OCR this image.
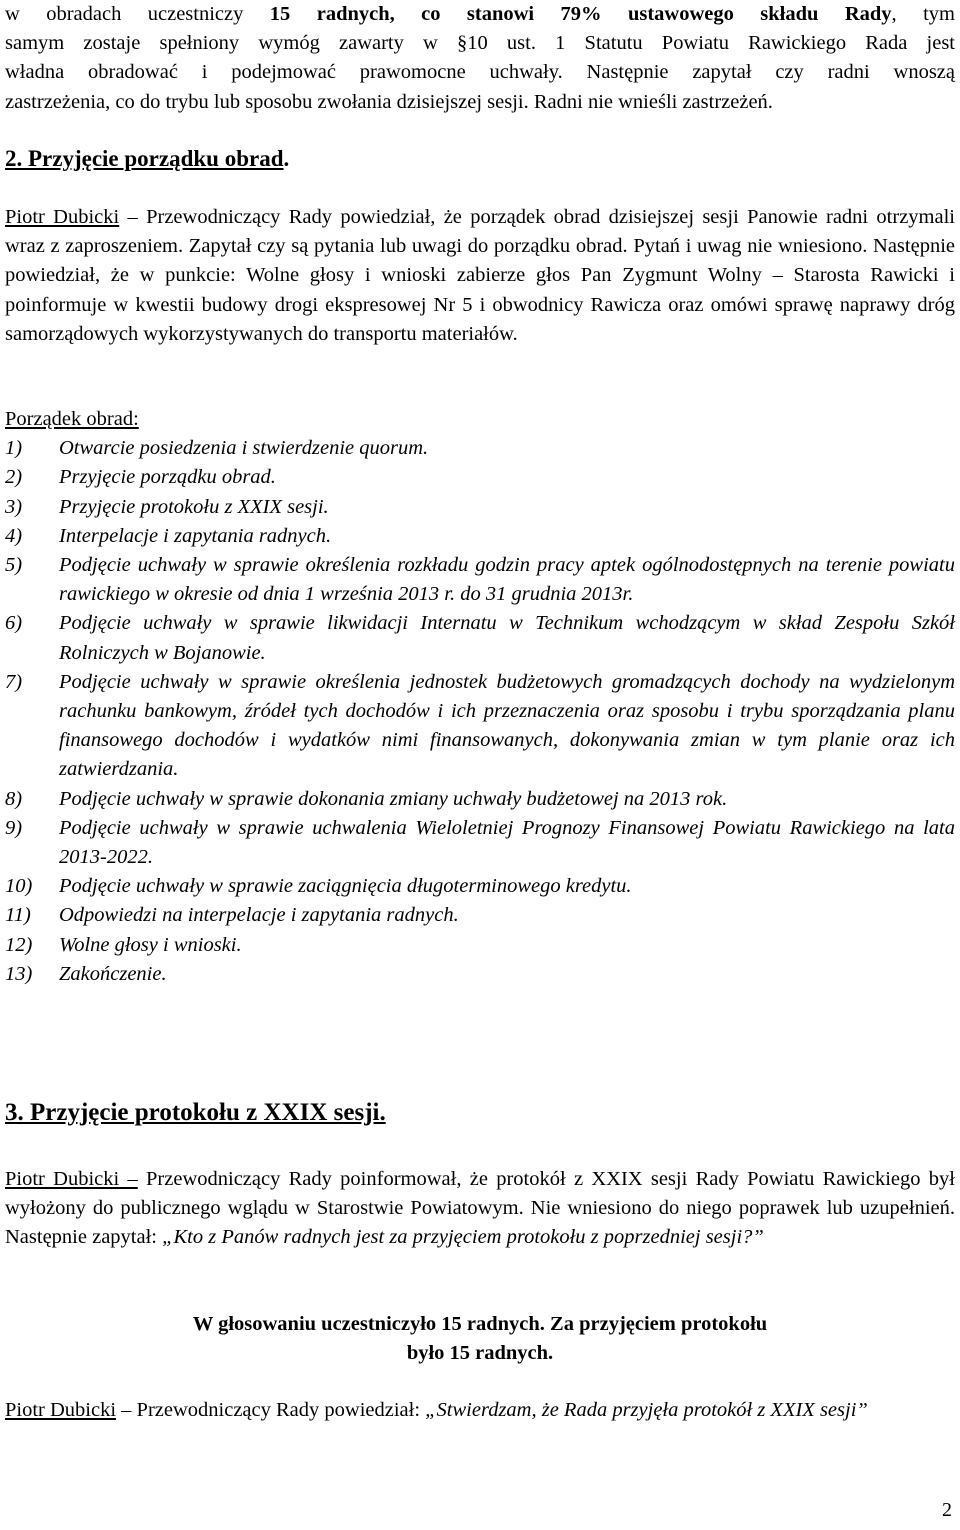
w obradach uczestniczy 15 radnych, co stanowi 79% ustawowego składu Rady, tym

samym zostaje spełniony wymóg zawarty w §10 ust. 1 Statutu Powiatu Rawickiego Rada jest

władna obradować i podejmować prawomocne uchwały. Następnie zapytał czy radni wnoszą

zastrzeżenia, co do trybu lub sposobu zwołania dzisiejszej sesji. Radni nie wnieśli zastrzeżeń.

2. Przyjęcie porządku obrad.

Piotr Dubicki – Przewodniczący Rady powiedział, że porządek obrad dzisiejszej sesji Panowie radni otrzymali wraz z zaproszeniem. Zapytał czy są pytania lub uwagi do porządku obrad. Pytań i uwag nie wniesiono. Następnie powiedział, że w punkcie: Wolne głosy i wnioski zabierze głos Pan Zygmunt Wolny – Starosta Rawicki i poinformuje w kwestii budowy drogi ekspresowej Nr 5 i obwodnicy Rawicza oraz omówi sprawę naprawy dróg samorządowych wykorzystywanych do transportu materiałów.

Porządek obrad:

1)	Otwarcie posiedzenia i stwierdzenie quorum.
2)	Przyjęcie porządku obrad.
3)	Przyjęcie protokołu z XXIX sesji.
4)	Interpelacje i zapytania radnych.
5)	Podjęcie uchwały w sprawie określenia rozkładu godzin pracy aptek ogólnodostępnych na terenie powiatu rawickiego w okresie od dnia 1 września 2013 r. do 31 grudnia 2013r.
6)	Podjęcie uchwały w sprawie likwidacji Internatu w Technikum wchodzącym w skład Zespołu Szkół Rolniczych w Bojanowie.
7)	Podjęcie uchwały w sprawie określenia jednostek budżetowych gromadzących dochody na wydzielonym rachunku bankowym, źródeł tych dochodów i ich przeznaczenia oraz sposobu i trybu sporządzania planu finansowego dochodów i wydatków nimi finansowanych, dokonywania zmian w tym planie oraz ich zatwierdzania.
8)	Podjęcie uchwały w sprawie dokonania zmiany uchwały budżetowej na 2013 rok.
9)	Podjęcie uchwały w sprawie uchwalenia Wieloletniej Prognozy Finansowej Powiatu Rawickiego na lata 2013-2022.
10)	Podjęcie uchwały w sprawie zaciągnięcia długoterminowego kredytu.
11)	Odpowiedzi na interpelacje i zapytania radnych.
12)	Wolne głosy i wnioski.
13)	Zakończenie.

3. Przyjęcie protokołu z XXIX sesji.

Piotr Dubicki – Przewodniczący Rady poinformował, że protokół z XXIX sesji Rady Powiatu Rawickiego był wyłożony do publicznego wglądu w Starostwie Powiatowym. Nie wniesiono do niego poprawek lub uzupełnień. Następnie zapytał: „Kto z Panów radnych jest za przyjęciem protokołu z poprzedniej sesji?”

W głosowaniu uczestniczyło 15 radnych. Za przyjęciem protokołu

było 15 radnych.

Piotr Dubicki – Przewodniczący Rady powiedział: „Stwierdzam, że Rada przyjęła protokół z XXIX sesji”

2
